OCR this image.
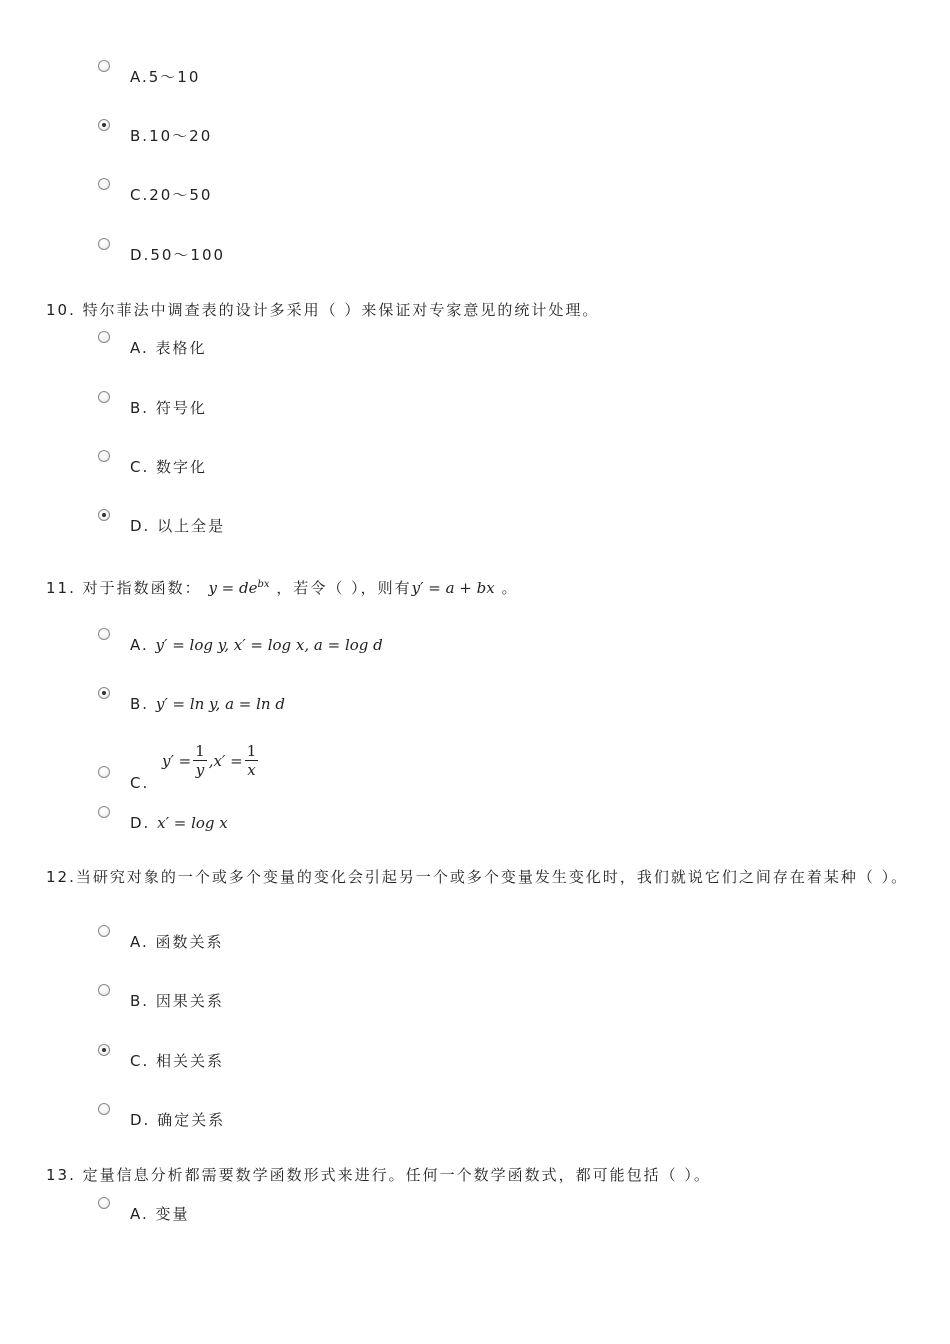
A.5～10
B.10～20
C.20～50
D.50～100
10. 特尔菲法中调查表的设计多采用（ ）来保证对专家意见的统计处理。
A. 表格化
B. 符号化
C. 数字化
D. 以上全是
11. 对于指数函数： $y = de^{bx}$ ，若令（ ），则有y′ = a + bx 。
A. y′ = log y, x′ = log x, a = log d
B. y′ = ln y, a = ln d
C.
$y' = \frac{1}{y}$ , $x' = \frac{1}{x}$
D. x′ = log x
12.当研究对象的一个或多个变量的变化会引起另一个或多个变量发生变化时，我们就说它们之间存在着某种（ ）。
A. 函数关系
B. 因果关系
C. 相关关系
D. 确定关系
13. 定量信息分析都需要数学函数形式来进行。任何一个数学函数式，都可能包括（ ）。
A. 变量
